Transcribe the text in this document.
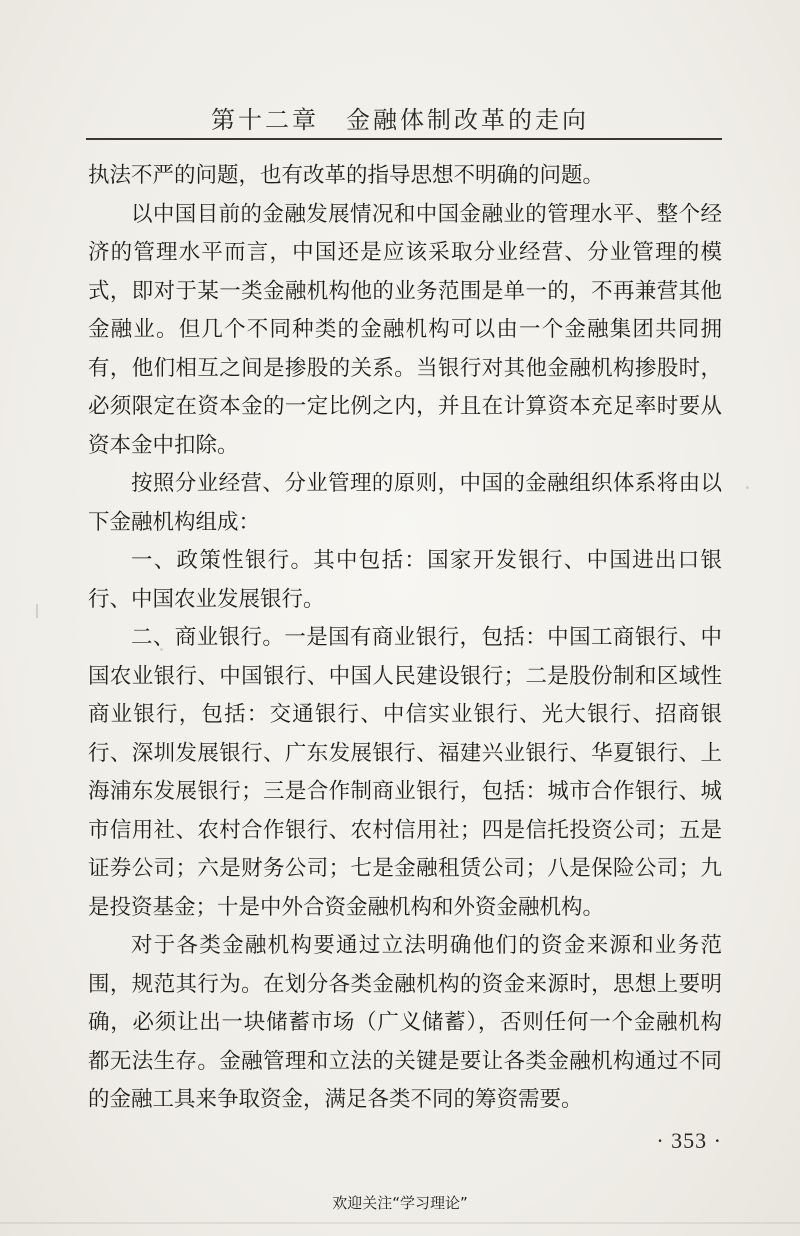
第十二章　金融体制改革的走向

执法不严的问题，也有改革的指导思想不明确的问题。

以中国目前的金融发展情况和中国金融业的管理水平、整个经济的管理水平而言，中国还是应该采取分业经营、分业管理的模式，即对于某一类金融机构他的业务范围是单一的，不再兼营其他金融业。但几个不同种类的金融机构可以由一个金融集团共同拥有，他们相互之间是掺股的关系。当银行对其他金融机构掺股时，必须限定在资本金的一定比例之内，并且在计算资本充足率时要从资本金中扣除。

按照分业经营、分业管理的原则，中国的金融组织体系将由以下金融机构组成：

一、政策性银行。其中包括：国家开发银行、中国进出口银行、中国农业发展银行。

二、商业银行。一是国有商业银行，包括：中国工商银行、中国农业银行、中国银行、中国人民建设银行；二是股份制和区域性商业银行，包括：交通银行、中信实业银行、光大银行、招商银行、深圳发展银行、广东发展银行、福建兴业银行、华夏银行、上海浦东发展银行；三是合作制商业银行，包括：城市合作银行、城市信用社、农村合作银行、农村信用社；四是信托投资公司；五是证券公司；六是财务公司；七是金融租赁公司；八是保险公司；九是投资基金；十是中外合资金融机构和外资金融机构。

对于各类金融机构要通过立法明确他们的资金来源和业务范围，规范其行为。在划分各类金融机构的资金来源时，思想上要明确，必须让出一块储蓄市场（广义储蓄），否则任何一个金融机构都无法生存。金融管理和立法的关键是要让各类金融机构通过不同的金融工具来争取资金，满足各类不同的筹资需要。

· 353 ·
欢迎关注“学习理论”
